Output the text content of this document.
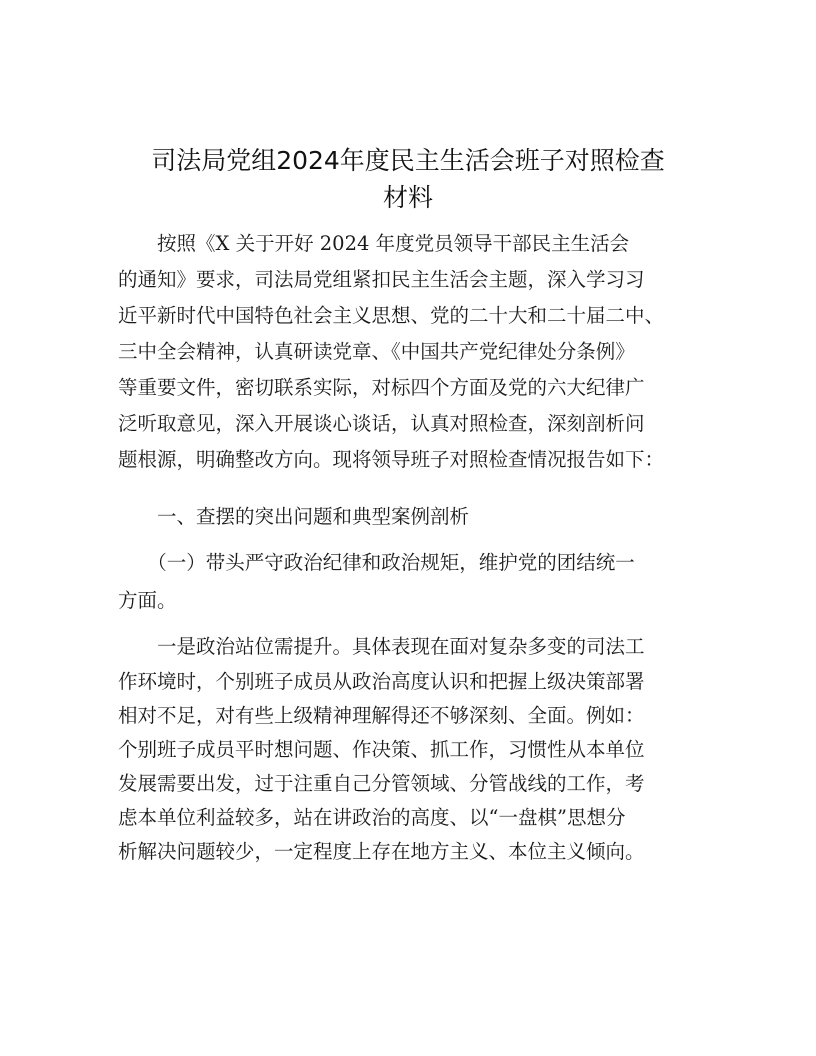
司法局党组2024年度民主生活会班子对照检查
材料
　　按照《X 关于开好 2024 年度党员领导干部民主生活会
的通知》要求，司法局党组紧扣民主生活会主题，深入学习习
近平新时代中国特色社会主义思想、党的二十大和二十届二中、
三中全会精神，认真研读党章、《中国共产党纪律处分条例》
等重要文件，密切联系实际，对标四个方面及党的六大纪律广
泛听取意见，深入开展谈心谈话，认真对照检查，深刻剖析问
题根源，明确整改方向。现将领导班子对照检查情况报告如下：
　　一、查摆的突出问题和典型案例剖析
　　（一）带头严守政治纪律和政治规矩，维护党的团结统一
方面。
　　一是政治站位需提升。具体表现在面对复杂多变的司法工
作环境时，个别班子成员从政治高度认识和把握上级决策部署
相对不足，对有些上级精神理解得还不够深刻、全面。例如：
个别班子成员平时想问题、作决策、抓工作，习惯性从本单位
发展需要出发，过于注重自己分管领域、分管战线的工作，考
虑本单位利益较多，站在讲政治的高度、以“一盘棋”思想分
析解决问题较少，一定程度上存在地方主义、本位主义倾向。
